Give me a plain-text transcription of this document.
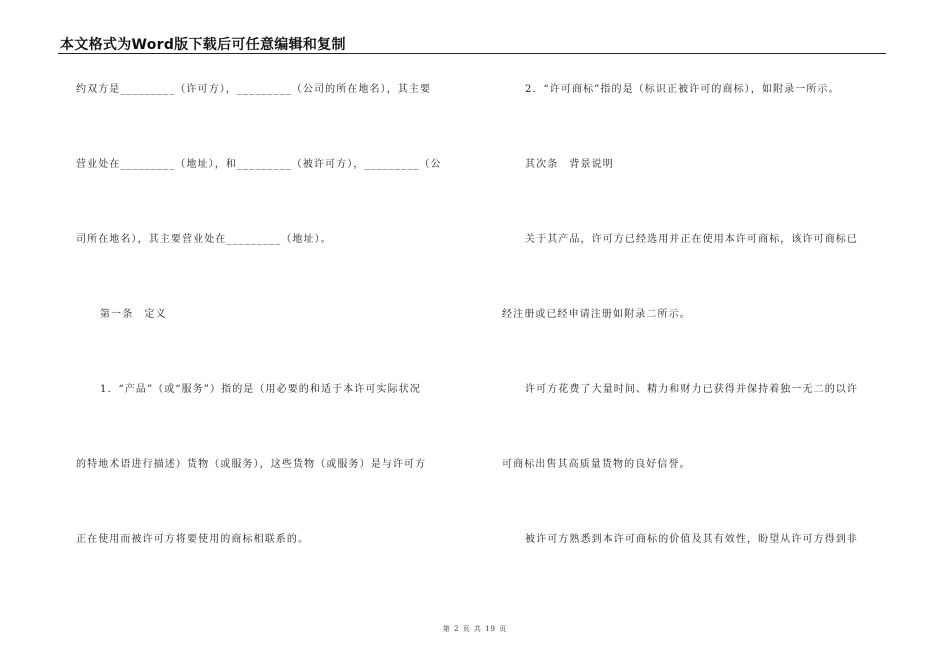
本文格式为Word版下载后可任意编辑和复制
约双方是_________（许可方），_________（公司的所在地名），其主要
营业处在_________（地址），和_________（被许可方），_________（公
司所在地名），其主要营业处在_________（地址）。
第一条　定义
1．“产品”（或“服务”）指的是（用必要的和适于本许可实际状况
的特地术语进行描述）货物（或服务），这些货物（或服务）是与许可方
正在使用而被许可方将要使用的商标相联系的。
2．“许可商标”指的是（标识正被许可的商标），如附录一所示。
其次条　背景说明
关于其产品，许可方已经选用并正在使用本许可商标，该许可商标已
经注册或已经申请注册如附录二所示。
许可方花费了大量时间、精力和财力已获得并保持着独一无二的以许
可商标出售其高质量货物的良好信誉。
被许可方熟悉到本许可商标的价值及其有效性，盼望从许可方得到非
第 2 页 共 19 页
